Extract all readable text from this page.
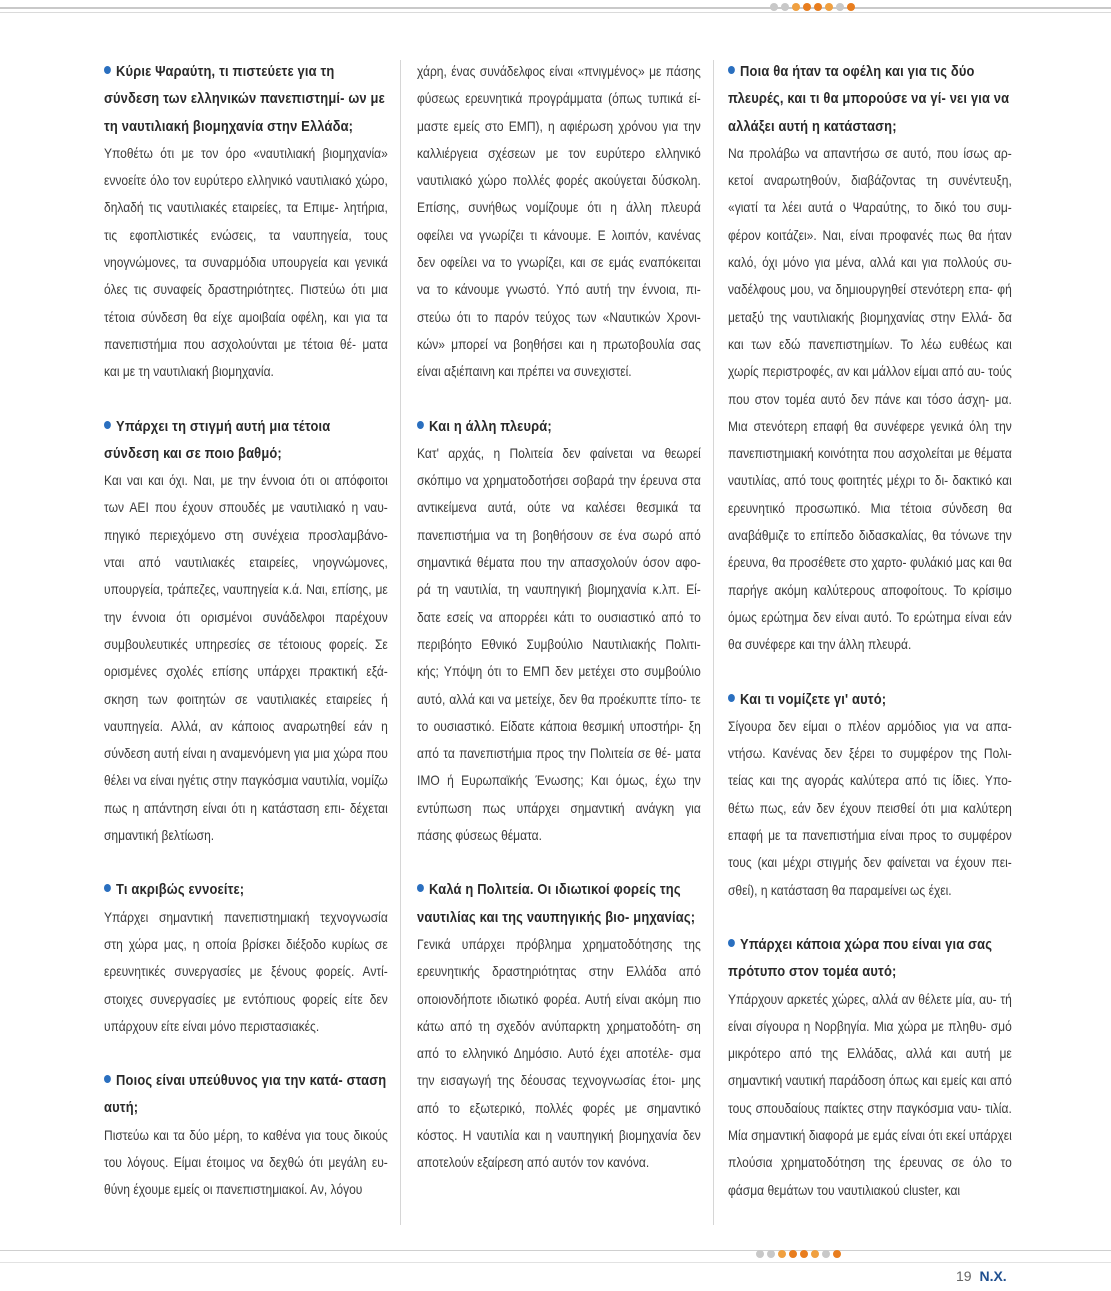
Κύριε Ψαραύτη, τι πιστεύετε για τη σύνδεση των ελληνικών πανεπιστημί- ων με τη ναυτιλιακή βιομηχανία στην Ελλάδα;

Υποθέτω ότι με τον όρο «ναυτιλιακή βιομηχανία» εννοείτε όλο τον ευρύτερο ελληνικό ναυτιλιακό χώρο, δηλαδή τις ναυτιλιακές εταιρείες, τα Επιμε- λητήρια, τις εφοπλιστικές ενώσεις, τα ναυπηγεία, τους νηογνώμονες, τα συναρμόδια υπουργεία και γενικά όλες τις συναφείς δραστηριότητες. Πιστεύω ότι μια τέτοια σύνδεση θα είχε αμοιβαία οφέλη, και για τα πανεπιστήμια που ασχολούνται με τέτοια θέ- ματα και με τη ναυτιλιακή βιομηχανία.

Υπάρχει τη στιγμή αυτή μια τέτοια σύνδεση και σε ποιο βαθμό;

Και ναι και όχι. Ναι, με την έννοια ότι οι απόφοιτοι των ΑΕΙ που έχουν σπουδές με ναυτιλιακό η ναυ- πηγικό περιεχόμενο στη συνέχεια προσλαμβάνο- νται από ναυτιλιακές εταιρείες, νηογνώμονες, υπουργεία, τράπεζες, ναυπηγεία κ.ά. Ναι, επίσης, με την έννοια ότι ορισμένοι συνάδελφοι παρέχουν συμβουλευτικές υπηρεσίες σε τέτοιους φορείς. Σε ορισμένες σχολές επίσης υπάρχει πρακτική εξά- σκηση των φοιτητών σε ναυτιλιακές εταιρείες ή ναυπηγεία. Αλλά, αν κάποιος αναρωτηθεί εάν η σύνδεση αυτή είναι η αναμενόμενη για μια χώρα που θέλει να είναι ηγέτις στην παγκόσμια ναυτιλία, νομίζω πως η απάντηση είναι ότι η κατάσταση επι- δέχεται σημαντική βελτίωση.

Τι ακριβώς εννοείτε;

Υπάρχει σημαντική πανεπιστημιακή τεχνογνωσία στη χώρα μας, η οποία βρίσκει διέξοδο κυρίως σε ερευνητικές συνεργασίες με ξένους φορείς. Αντί- στοιχες συνεργασίες με εντόπιους φορείς είτε δεν υπάρχουν είτε είναι μόνο περιστασιακές.

Ποιος είναι υπεύθυνος για την κατά- σταση αυτή;

Πιστεύω και τα δύο μέρη, το καθένα για τους δικούς του λόγους. Είμαι έτοιμος να δεχθώ ότι μεγάλη ευ- θύνη έχουμε εμείς οι πανεπιστημιακοί. Αν, λόγου

χάρη, ένας συνάδελφος είναι «πνιγμένος» με πάσης φύσεως ερευνητικά προγράμματα (όπως τυπικά εί- μαστε εμείς στο ΕΜΠ), η αφιέρωση χρόνου για την καλλιέργεια σχέσεων με τον ευρύτερο ελληνικό ναυτιλιακό χώρο πολλές φορές ακούγεται δύσκολη. Επίσης, συνήθως νομίζουμε ότι η άλλη πλευρά οφείλει να γνωρίζει τι κάνουμε. Ε λοιπόν, κανένας δεν οφείλει να το γνωρίζει, και σε εμάς εναπόκειται να το κάνουμε γνωστό. Υπό αυτή την έννοια, πι- στεύω ότι το παρόν τεύχος των «Ναυτικών Χρονι- κών» μπορεί να βοηθήσει και η πρωτοβουλία σας είναι αξιέπαινη και πρέπει να συνεχιστεί.

Και η άλλη πλευρά;

Κατ' αρχάς, η Πολιτεία δεν φαίνεται να θεωρεί σκόπιμο να χρηματοδοτήσει σοβαρά την έρευνα στα αντικείμενα αυτά, ούτε να καλέσει θεσμικά τα πανεπιστήμια να τη βοηθήσουν σε ένα σωρό από σημαντικά θέματα που την απασχολούν όσον αφο- ρά τη ναυτιλία, τη ναυπηγική βιομηχανία κ.λπ. Εί- δατε εσείς να απορρέει κάτι το ουσιαστικό από το περιβόητο Εθνικό Συμβούλιο Ναυτιλιακής Πολιτι- κής; Υπόψη ότι το ΕΜΠ δεν μετέχει στο συμβούλιο αυτό, αλλά και να μετείχε, δεν θα προέκυπτε τίπο- τε το ουσιαστικό. Είδατε κάποια θεσμική υποστήρι- ξη από τα πανεπιστήμια προς την Πολιτεία σε θέ- ματα ΙΜΟ ή Ευρωπαϊκής Ένωσης; Και όμως, έχω την εντύπωση πως υπάρχει σημαντική ανάγκη για πάσης φύσεως θέματα.

Καλά η Πολιτεία. Οι ιδιωτικοί φορείς της ναυτιλίας και της ναυπηγικής βιο- μηχανίας;

Γενικά υπάρχει πρόβλημα χρηματοδότησης της ερευνητικής δραστηριότητας στην Ελλάδα από οποιονδήποτε ιδιωτικό φορέα. Αυτή είναι ακόμη πιο κάτω από τη σχεδόν ανύπαρκτη χρηματοδότη- ση από το ελληνικό Δημόσιο. Αυτό έχει αποτέλε- σμα την εισαγωγή της δέουσας τεχνογνωσίας έτοι- μης από το εξωτερικό, πολλές φορές με σημαντικό κόστος. Η ναυτιλία και η ναυπηγική βιομηχανία δεν αποτελούν εξαίρεση από αυτόν τον κανόνα.

Ποια θα ήταν τα οφέλη και για τις δύο πλευρές, και τι θα μπορούσε να γί- νει για να αλλάξει αυτή η κατάσταση;

Να προλάβω να απαντήσω σε αυτό, που ίσως αρ- κετοί αναρωτηθούν, διαβάζοντας τη συνέντευξη, «γιατί τα λέει αυτά ο Ψαραύτης, το δικό του συμ- φέρον κοιτάζει». Ναι, είναι προφανές πως θα ήταν καλό, όχι μόνο για μένα, αλλά και για πολλούς συ- ναδέλφους μου, να δημιουργηθεί στενότερη επα- φή μεταξύ της ναυτιλιακής βιομηχανίας στην Ελλά- δα και των εδώ πανεπιστημίων. Το λέω ευθέως και χωρίς περιστροφές, αν και μάλλον είμαι από αυ- τούς που στον τομέα αυτό δεν πάνε και τόσο άσχη- μα. Μια στενότερη επαφή θα συνέφερε γενικά όλη την πανεπιστημιακή κοινότητα που ασχολείται με θέματα ναυτιλίας, από τους φοιτητές μέχρι το δι- δακτικό και ερευνητικό προσωπικό. Μια τέτοια σύνδεση θα αναβάθμιζε το επίπεδο διδασκαλίας, θα τόνωνε την έρευνα, θα προσέθετε στο χαρτο- φυλάκιό μας και θα παρήγε ακόμη καλύτερους αποφοίτους. Το κρίσιμο όμως ερώτημα δεν είναι αυτό. Το ερώτημα είναι εάν θα συνέφερε και την άλλη πλευρά.

Και τι νομίζετε γι' αυτό;

Σίγουρα δεν είμαι ο πλέον αρμόδιος για να απα- ντήσω. Κανένας δεν ξέρει το συμφέρον της Πολι- τείας και της αγοράς καλύτερα από τις ίδιες. Υπο- θέτω πως, εάν δεν έχουν πεισθεί ότι μια καλύτερη επαφή με τα πανεπιστήμια είναι προς το συμφέρον τους (και μέχρι στιγμής δεν φαίνεται να έχουν πει- σθεί), η κατάσταση θα παραμείνει ως έχει.

Υπάρχει κάποια χώρα που είναι για σας πρότυπο στον τομέα αυτό;

Υπάρχουν αρκετές χώρες, αλλά αν θέλετε μία, αυ- τή είναι σίγουρα η Νορβηγία. Μια χώρα με πληθυ- σμό μικρότερο από της Ελλάδας, αλλά και αυτή με σημαντική ναυτική παράδοση όπως και εμείς και από τους σπουδαίους παίκτες στην παγκόσμια ναυ- τιλία. Μία σημαντική διαφορά με εμάς είναι ότι εκεί υπάρχει πλούσια χρηματοδότηση της έρευνας σε όλο το φάσμα θεμάτων του ναυτιλιακού cluster, και

19 Ν.Χ.
